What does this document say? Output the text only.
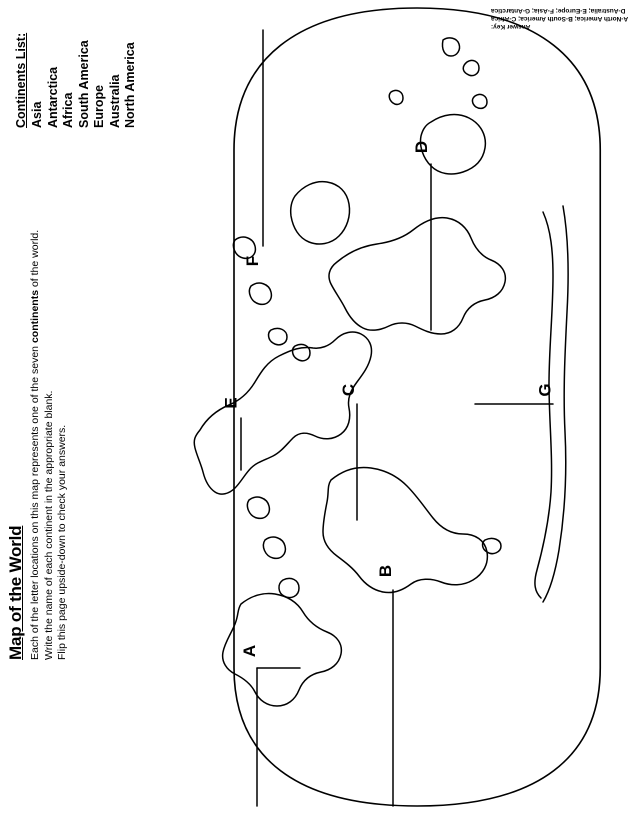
Map of the World Each of the letter locations on this map represents one of the seven continents of the world.

Write the name of each continent in the appropriate blank. Flip this page upside-down to check your answers.

Continents List: Asia Antarctica Africa South America Europe Australia North America
Answer Key:
A-North America; B-South America; C-Africa
D-Australia; E-Europe; F-Asia; G-Antarctica
A
B
C
D
E
F
G
